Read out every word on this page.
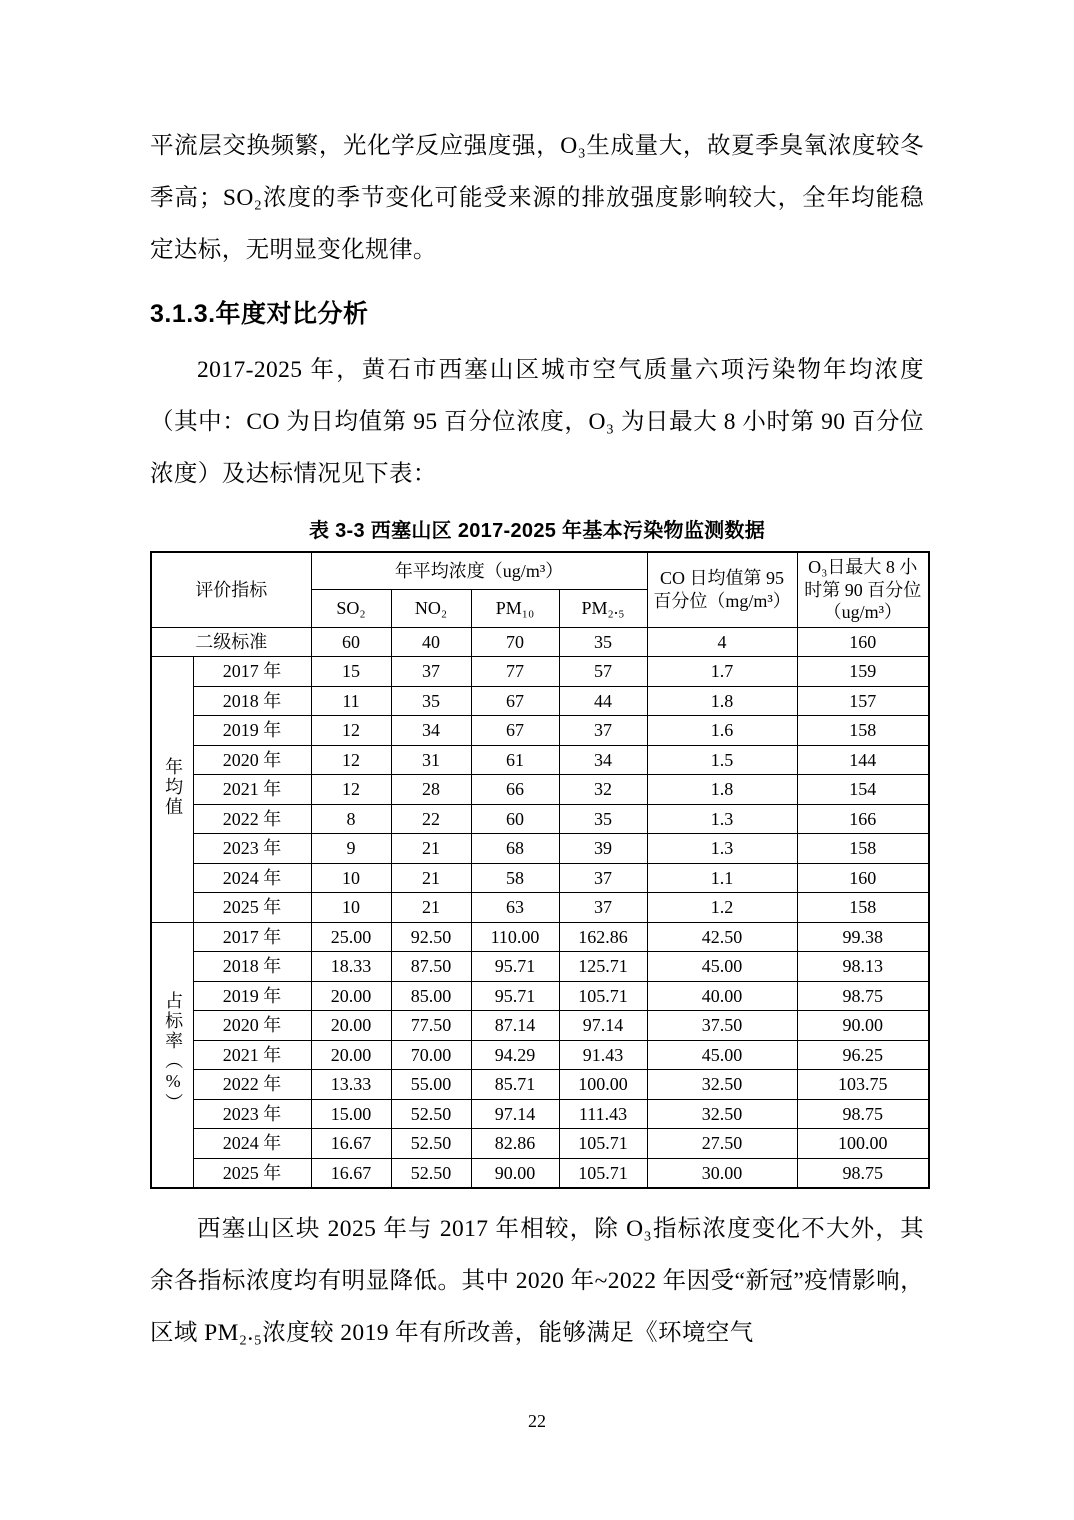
平流层交换频繁，光化学反应强度强，O₃生成量大，故夏季臭氧浓度较冬季高；SO₂浓度的季节变化可能受来源的排放强度影响较大，全年均能稳定达标，无明显变化规律。

3.1.3.年度对比分析

2017-2025 年，黄石市西塞山区城市空气质量六项污染物年均浓度（其中：CO 为日均值第 95 百分位浓度，O₃ 为日最大 8 小时第 90 百分位浓度）及达标情况见下表：

表 3-3 西塞山区 2017-2025 年基本污染物监测数据
评价指标		年平均浓度（ug/m³）				CO 日均值第 95 百分位（mg/m³）	O₃日最大 8 小时第 90 百分位（ug/m³）
		SO₂	NO₂	PM₁₀	PM₂.₅		
二级标准		60	40	70	35	4	160
年均值	2017 年	15	37	77	57	1.7	159
	2018 年	11	35	67	44	1.8	157
	2019 年	12	34	67	37	1.6	158
	2020 年	12	31	61	34	1.5	144
	2021 年	12	28	66	32	1.8	154
	2022 年	8	22	60	35	1.3	166
	2023 年	9	21	68	39	1.3	158
	2024 年	10	21	58	37	1.1	160
	2025 年	10	21	63	37	1.2	158
占标率（%）	2017 年	25.00	92.50	110.00	162.86	42.50	99.38
	2018 年	18.33	87.50	95.71	125.71	45.00	98.13
	2019 年	20.00	85.00	95.71	105.71	40.00	98.75
	2020 年	20.00	77.50	87.14	97.14	37.50	90.00
	2021 年	20.00	70.00	94.29	91.43	45.00	96.25
	2022 年	13.33	55.00	85.71	100.00	32.50	103.75
	2023 年	15.00	52.50	97.14	111.43	32.50	98.75
	2024 年	16.67	52.50	82.86	105.71	27.50	100.00
	2025 年	16.67	52.50	90.00	105.71	30.00	98.75

西塞山区块 2025 年与 2017 年相较，除 O₃指标浓度变化不大外，其余各指标浓度均有明显降低。其中 2020 年~2022 年因受“新冠”疫情影响，区域 PM₂.₅浓度较 2019 年有所改善，能够满足《环境空气

22
